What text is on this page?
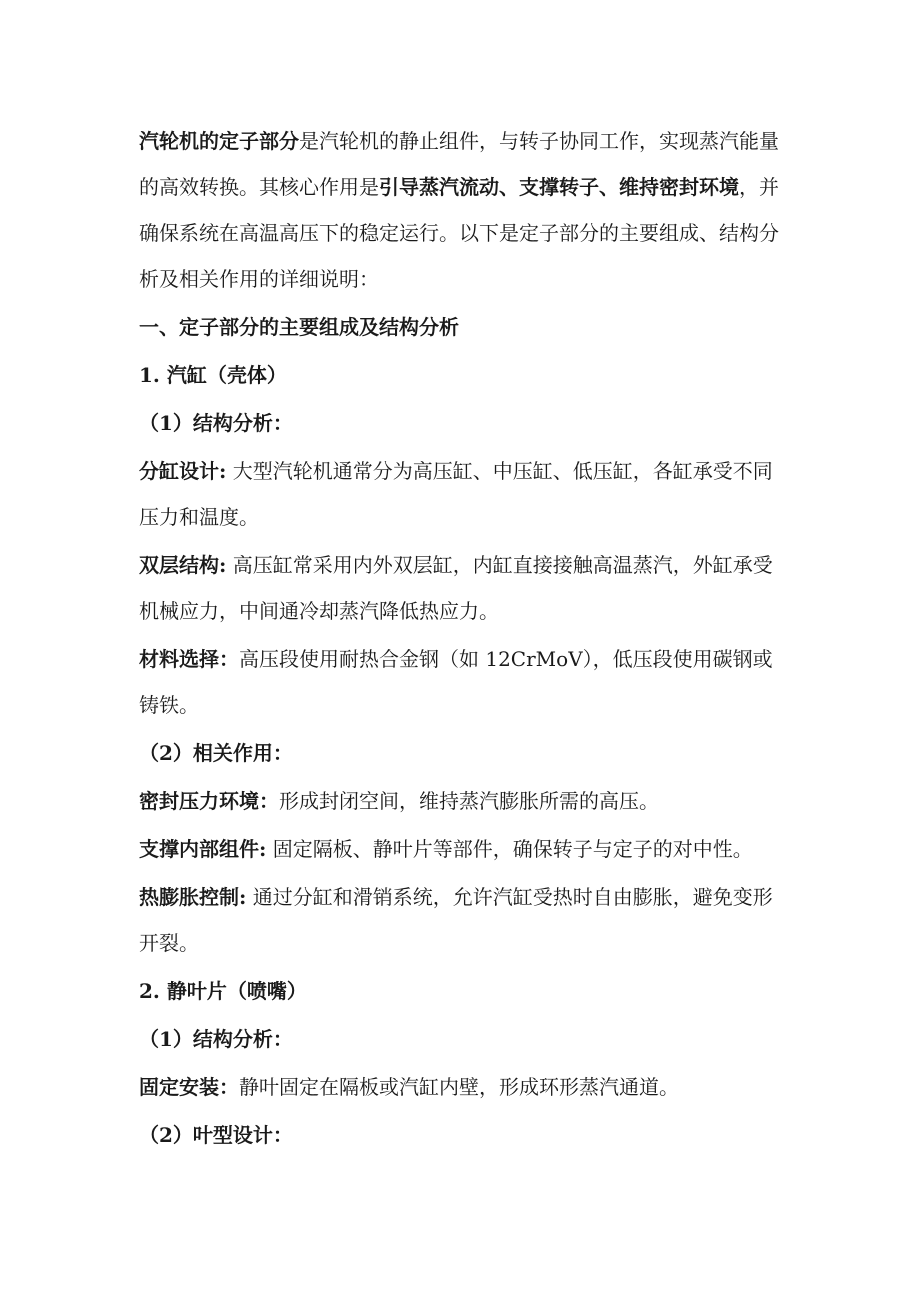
汽轮机的定子部分是汽轮机的静止组件，与转子协同工作，实现蒸汽能量的高效转换。其核心作用是引导蒸汽流动、支撑转子、维持密封环境，并确保系统在高温高压下的稳定运行。以下是定子部分的主要组成、结构分析及相关作用的详细说明：

一、定子部分的主要组成及结构分析

1. 汽缸（壳体）

（1）结构分析：

分缸设计: 大型汽轮机通常分为高压缸、中压缸、低压缸，各缸承受不同压力和温度。

双层结构: 高压缸常采用内外双层缸，内缸直接接触高温蒸汽，外缸承受机械应力，中间通冷却蒸汽降低热应力。

材料选择：高压段使用耐热合金钢（如 12CrMoV），低压段使用碳钢或铸铁。

（2）相关作用：

密封压力环境：形成封闭空间，维持蒸汽膨胀所需的高压。

支撑内部组件: 固定隔板、静叶片等部件，确保转子与定子的对中性。

热膨胀控制: 通过分缸和滑销系统，允许汽缸受热时自由膨胀，避免变形开裂。

2. 静叶片（喷嘴）

（1）结构分析：

固定安装：静叶固定在隔板或汽缸内壁，形成环形蒸汽通道。

（2）叶型设计：
